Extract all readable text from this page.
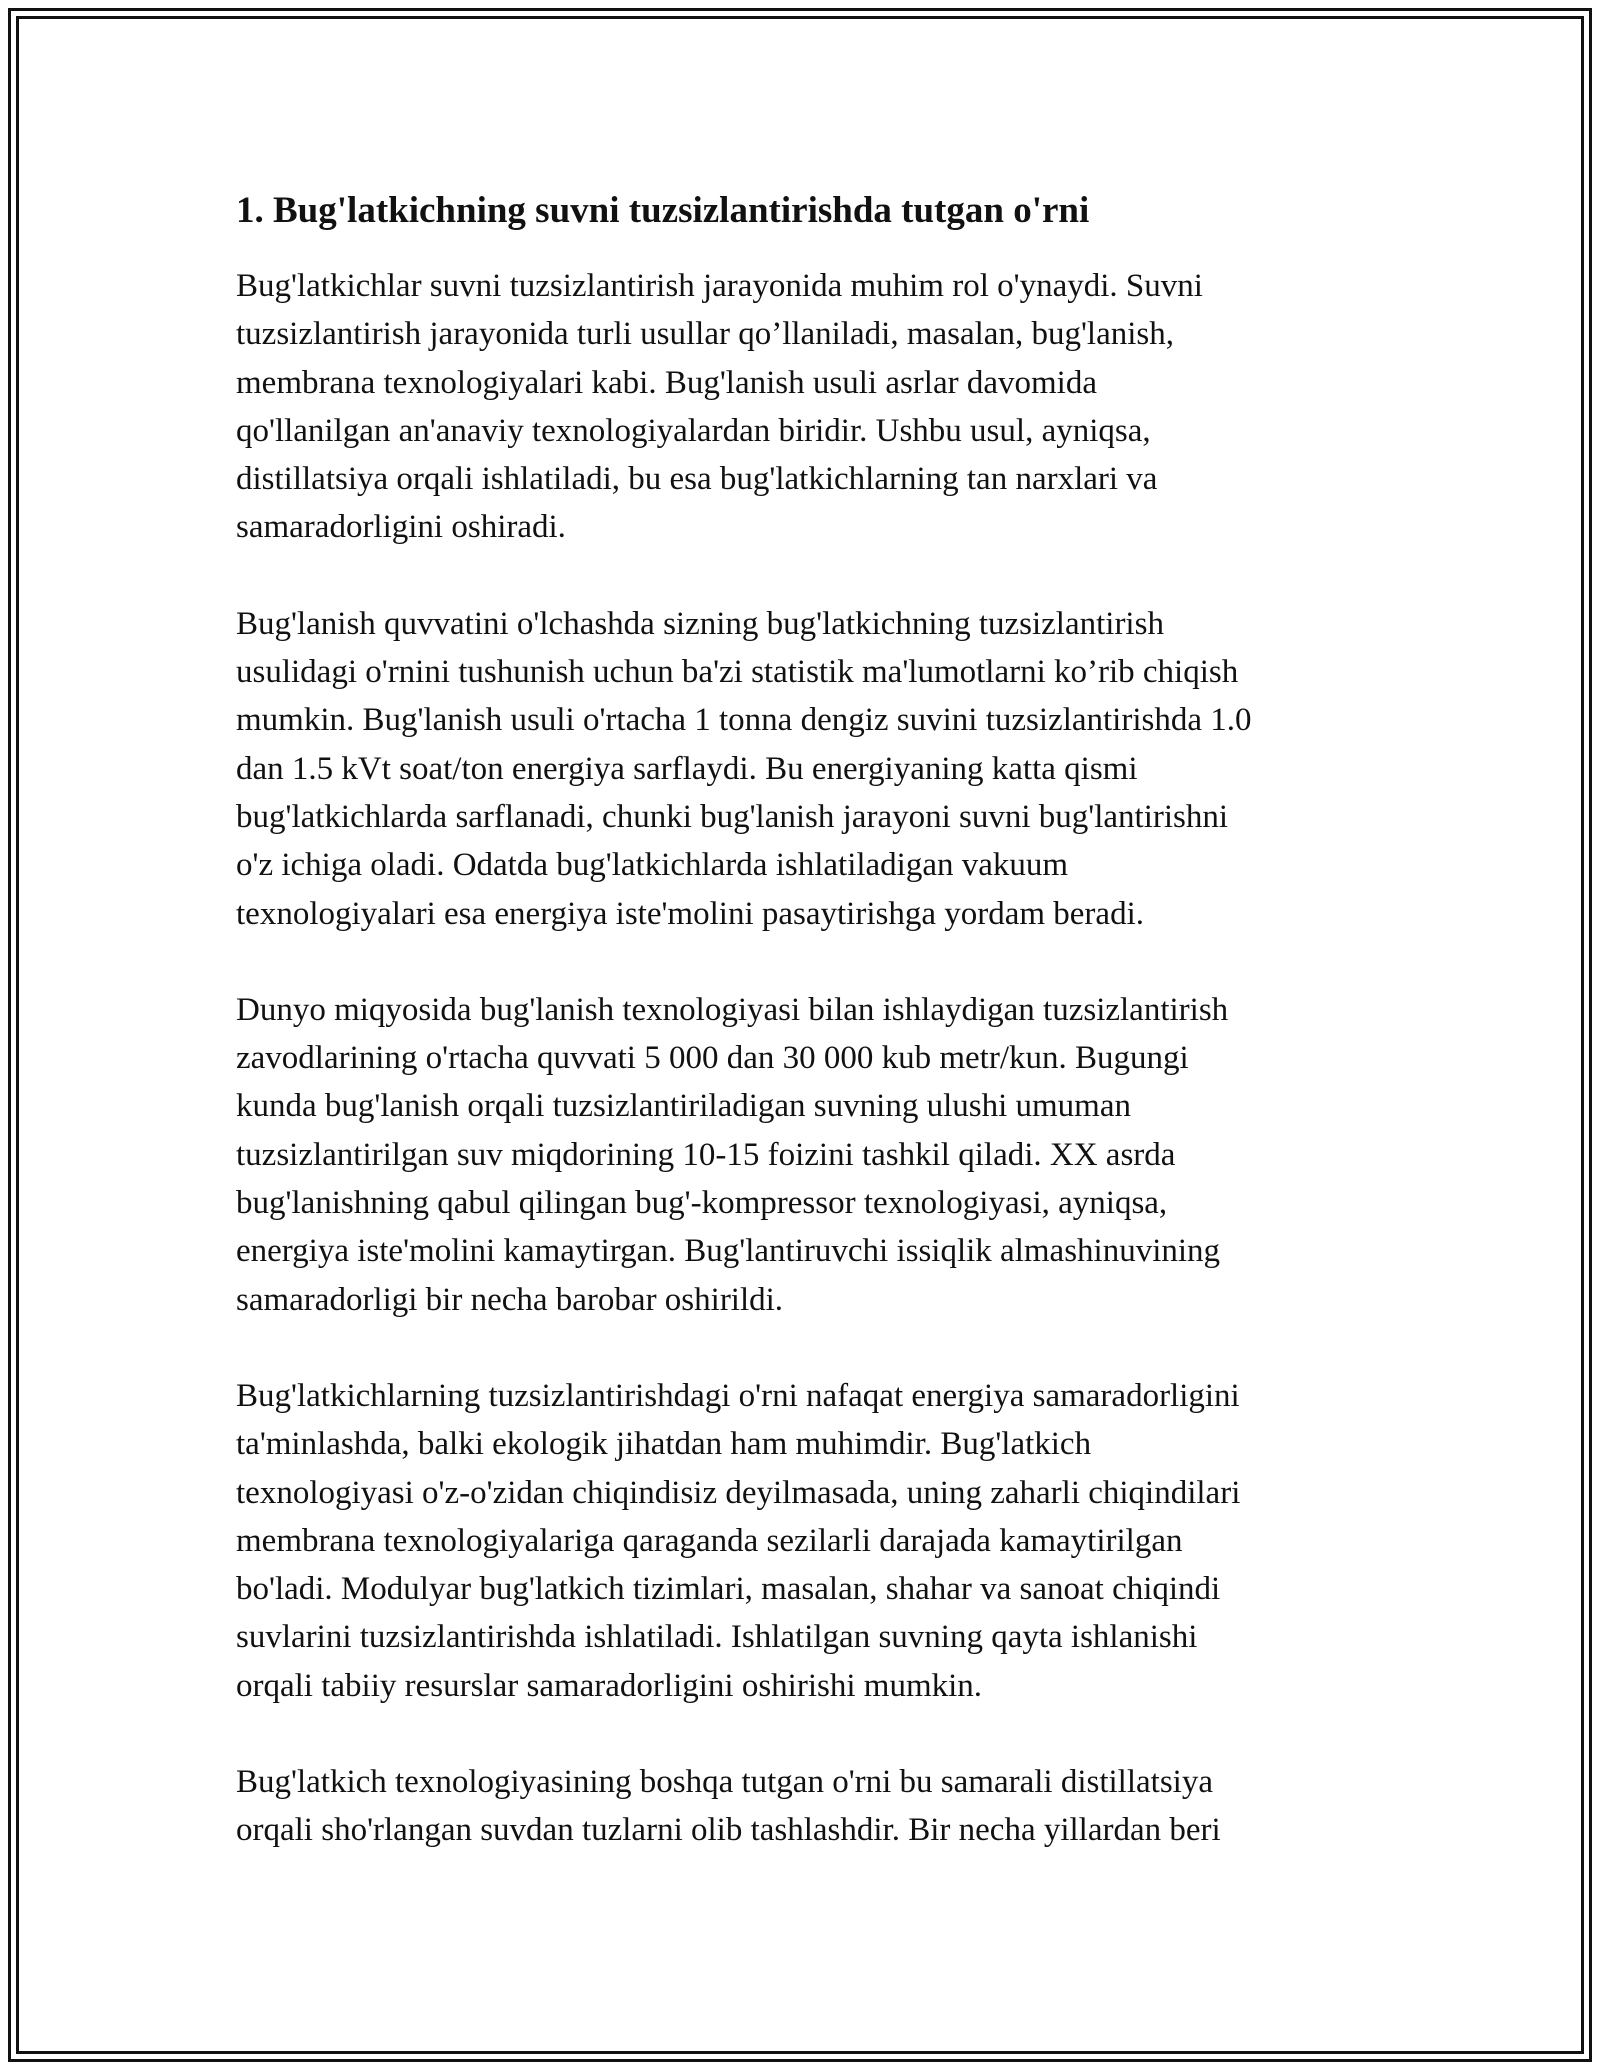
1. Bug'latkichning suvni tuzsizlantirishda tutgan o'rni

Bug'latkichlar suvni tuzsizlantirish jarayonida muhim rol o'ynaydi. Suvni
tuzsizlantirish jarayonida turli usullar qo’llaniladi, masalan, bug'lanish,
membrana texnologiyalari kabi. Bug'lanish usuli asrlar davomida
qo'llanilgan an'anaviy texnologiyalardan biridir. Ushbu usul, ayniqsa,
distillatsiya orqali ishlatiladi, bu esa bug'latkichlarning tan narxlari va
samaradorligini oshiradi.

Bug'lanish quvvatini o'lchashda sizning bug'latkichning tuzsizlantirish
usulidagi o'rnini tushunish uchun ba'zi statistik ma'lumotlarni ko’rib chiqish
mumkin. Bug'lanish usuli o'rtacha 1 tonna dengiz suvini tuzsizlantirishda 1.0
dan 1.5 kVt soat/ton energiya sarflaydi. Bu energiyaning katta qismi
bug'latkichlarda sarflanadi, chunki bug'lanish jarayoni suvni bug'lantirishni
o'z ichiga oladi. Odatda bug'latkichlarda ishlatiladigan vakuum
texnologiyalari esa energiya iste'molini pasaytirishga yordam beradi.

Dunyo miqyosida bug'lanish texnologiyasi bilan ishlaydigan tuzsizlantirish
zavodlarining o'rtacha quvvati 5 000 dan 30 000 kub metr/kun. Bugungi
kunda bug'lanish orqali tuzsizlantiriladigan suvning ulushi umuman
tuzsizlantirilgan suv miqdorining 10-15 foizini tashkil qiladi. XX asrda
bug'lanishning qabul qilingan bug'-kompressor texnologiyasi, ayniqsa,
energiya iste'molini kamaytirgan. Bug'lantiruvchi issiqlik almashinuvining
samaradorligi bir necha barobar oshirildi.

Bug'latkichlarning tuzsizlantirishdagi o'rni nafaqat energiya samaradorligini
ta'minlashda, balki ekologik jihatdan ham muhimdir. Bug'latkich
texnologiyasi o'z-o'zidan chiqindisiz deyilmasada, uning zaharli chiqindilari
membrana texnologiyalariga qaraganda sezilarli darajada kamaytirilgan
bo'ladi. Modulyar bug'latkich tizimlari, masalan, shahar va sanoat chiqindi
suvlarini tuzsizlantirishda ishlatiladi. Ishlatilgan suvning qayta ishlanishi
orqali tabiiy resurslar samaradorligini oshirishi mumkin.

Bug'latkich texnologiyasining boshqa tutgan o'rni bu samarali distillatsiya
orqali sho'rlangan suvdan tuzlarni olib tashlashdir. Bir necha yillardan beri
